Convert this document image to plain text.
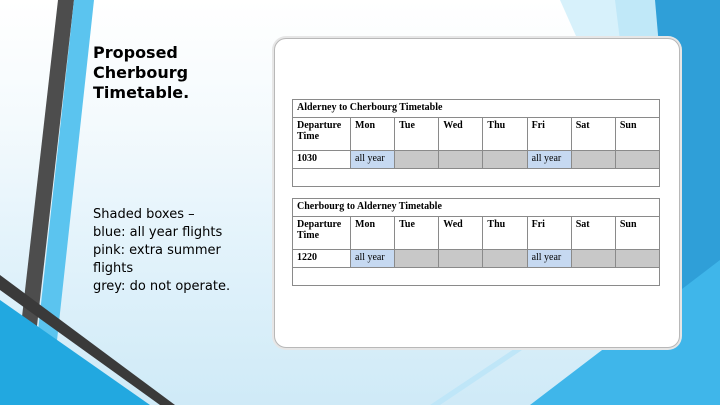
Proposed
Cherbourg
Timetable.
Shaded boxes –
blue: all year flights
pink: extra summer
flights
grey: do not operate.
Alderney to Cherbourg Timetable							
Departure Time	Mon	Tue	Wed	Thu	Fri	Sat	Sun
1030	all year				all year		

Cherbourg to Alderney Timetable							
Departure Time	Mon	Tue	Wed	Thu	Fri	Sat	Sun
1220	all year				all year		
